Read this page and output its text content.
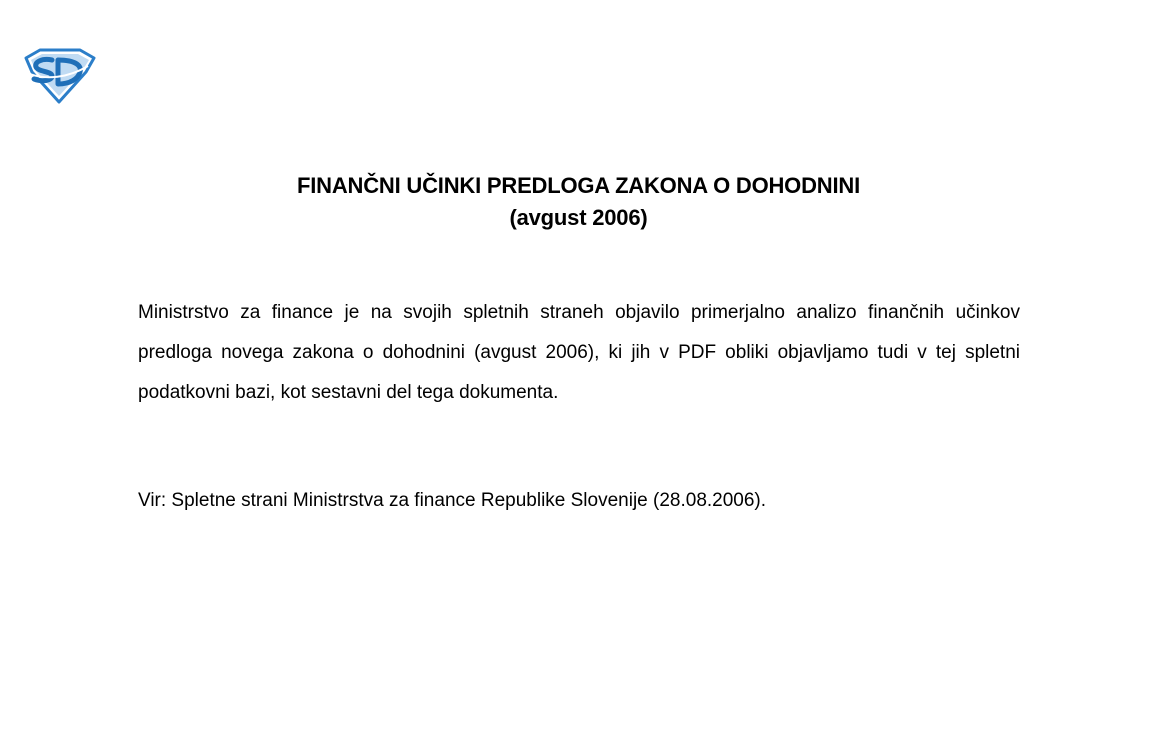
FINANČNI UČINKI PREDLOGA ZAKONA O DOHODNINI
(avgust 2006)
Ministrstvo za finance je na svojih spletnih straneh objavilo primerjalno analizo finančnih učinkov predloga novega zakona o dohodnini (avgust 2006), ki jih v PDF obliki objavljamo tudi v tej spletni podatkovni bazi, kot sestavni del tega dokumenta.
Vir: Spletne strani Ministrstva za finance Republike Slovenije (28.08.2006).
